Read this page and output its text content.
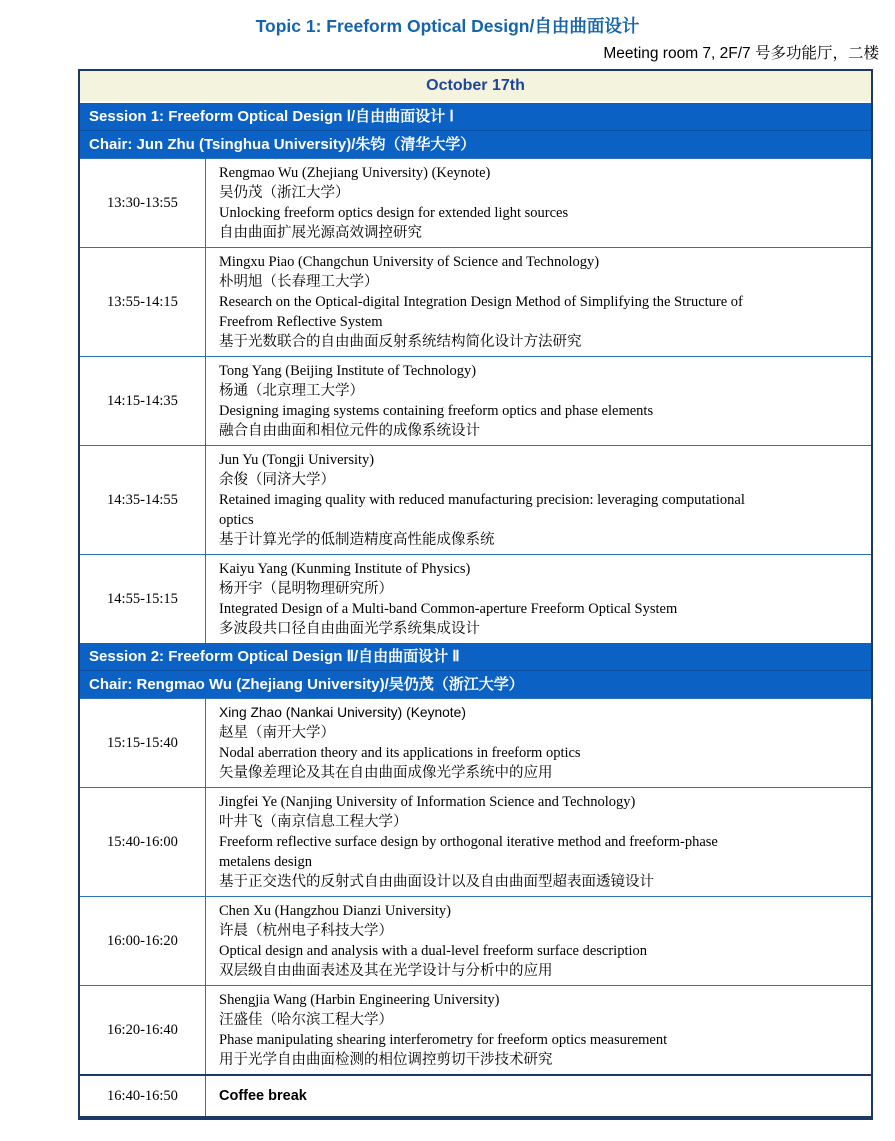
Topic 1: Freeform Optical Design/自由曲面设计
Meeting room 7, 2F/7 号多功能厅，二楼
October 17th
Session 1: Freeform Optical Design Ⅰ/自由曲面设计 Ⅰ
Chair: Jun Zhu (Tsinghua University)/朱钧（清华大学）
13:30-13:55
Rengmao Wu (Zhejiang University) (Keynote)
吴仍茂（浙江大学）
Unlocking freeform optics design for extended light sources
自由曲面扩展光源高效调控研究
13:55-14:15
Mingxu Piao (Changchun University of Science and Technology)
朴明旭（长春理工大学）
Research on the Optical-digital Integration Design Method of Simplifying the Structure of
Freefrom Reflective System
基于光数联合的自由曲面反射系统结构简化设计方法研究
14:15-14:35
Tong Yang (Beijing Institute of Technology)
杨通（北京理工大学）
Designing imaging systems containing freeform optics and phase elements
融合自由曲面和相位元件的成像系统设计
14:35-14:55
Jun Yu (Tongji University)
余俊（同济大学）
Retained imaging quality with reduced manufacturing precision: leveraging computational
optics
基于计算光学的低制造精度高性能成像系统
14:55-15:15
Kaiyu Yang (Kunming Institute of Physics)
杨开宇（昆明物理研究所）
Integrated Design of a Multi-band Common-aperture Freeform Optical System
多波段共口径自由曲面光学系统集成设计
Session 2: Freeform Optical Design Ⅱ/自由曲面设计 Ⅱ
Chair: Rengmao Wu (Zhejiang University)/吴仍茂（浙江大学）
15:15-15:40
Xing Zhao (Nankai University) (Keynote)
赵星（南开大学）
Nodal aberration theory and its applications in freeform optics
矢量像差理论及其在自由曲面成像光学系统中的应用
15:40-16:00
Jingfei Ye (Nanjing University of Information Science and Technology)
叶井飞（南京信息工程大学）
Freeform reflective surface design by orthogonal iterative method and freeform-phase
metalens design
基于正交迭代的反射式自由曲面设计以及自由曲面型超表面透镜设计
16:00-16:20
Chen Xu (Hangzhou Dianzi University)
许晨（杭州电子科技大学）
Optical design and analysis with a dual-level freeform surface description
双层级自由曲面表述及其在光学设计与分析中的应用
16:20-16:40
Shengjia Wang (Harbin Engineering University)
汪盛佳（哈尔滨工程大学）
Phase manipulating shearing interferometry for freeform optics measurement
用于光学自由曲面检测的相位调控剪切干涉技术研究
16:40-16:50	Coffee break
